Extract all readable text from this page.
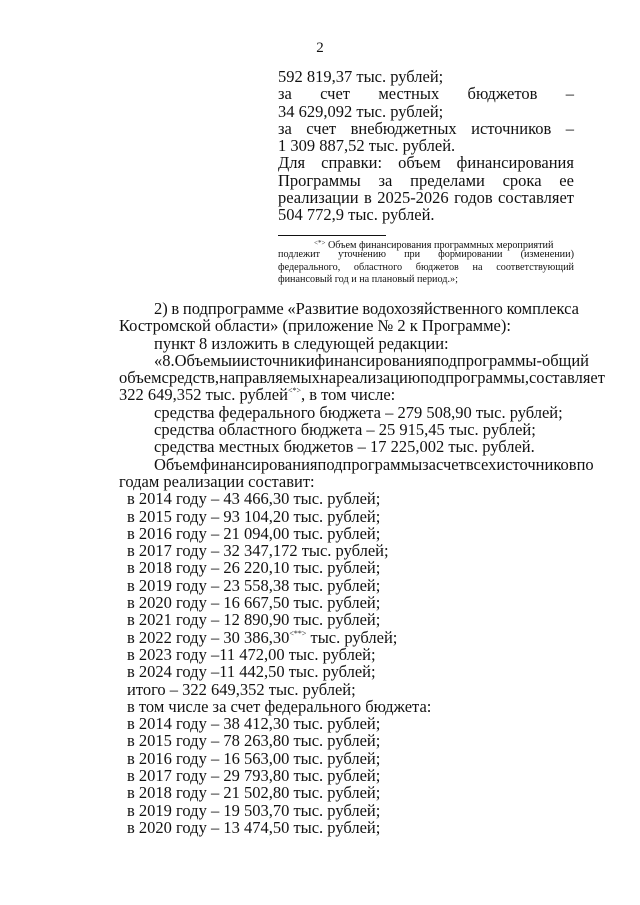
2
592 819,37 тыс. рублей;
за счет местных бюджетов –
34 629,092 тыс. рублей;
за счет внебюджетных источников –
1 309 887,52 тыс. рублей.
Для справки: объем финансирования
Программы за пределами срока ее
реализации в 2025-2026 годов составляет
504 772,9 тыс. рублей.
<*> Объем финансирования программных мероприятий
подлежит уточнению при формировании (изменении)
федерального, областного бюджетов на соответствующий
финансовый год и на плановый период.»;
2) в подпрограмме «Развитие водохозяйственного комплекса
Костромской области» (приложение № 2 к Программе):
пункт 8 изложить в следующей редакции:
«8. Объемы и источники финансирования подпрограммы - общий
объем средств, направляемых на реализацию подпрограммы, составляет
322 649,352 тыс. рублей<*>, в том числе:
средства федерального бюджета – 279 508,90 тыс. рублей;
средства областного бюджета – 25 915,45 тыс. рублей;
средства местных бюджетов – 17 225,002 тыс. рублей.
Объем финансирования подпрограммы за счет всех источников по
годам реализации составит:
в 2014 году – 43 466,30 тыс. рублей;
в 2015 году – 93 104,20 тыс. рублей;
в 2016 году – 21 094,00 тыс. рублей;
в 2017 году – 32 347,172 тыс. рублей;
в 2018 году – 26 220,10 тыс. рублей;
в 2019 году – 23 558,38 тыс. рублей;
в 2020 году – 16 667,50 тыс. рублей;
в 2021 году – 12 890,90 тыс. рублей;
в 2022 году – 30 386,30<**> тыс. рублей;
в 2023 году –11 472,00 тыс. рублей;
в 2024 году –11 442,50 тыс. рублей;
итого – 322 649,352 тыс. рублей;
в том числе за счет федерального бюджета:
в 2014 году – 38 412,30 тыс. рублей;
в 2015 году – 78 263,80 тыс. рублей;
в 2016 году – 16 563,00 тыс. рублей;
в 2017 году – 29 793,80 тыс. рублей;
в 2018 году – 21 502,80 тыс. рублей;
в 2019 году – 19 503,70 тыс. рублей;
в 2020 году – 13 474,50 тыс. рублей;
